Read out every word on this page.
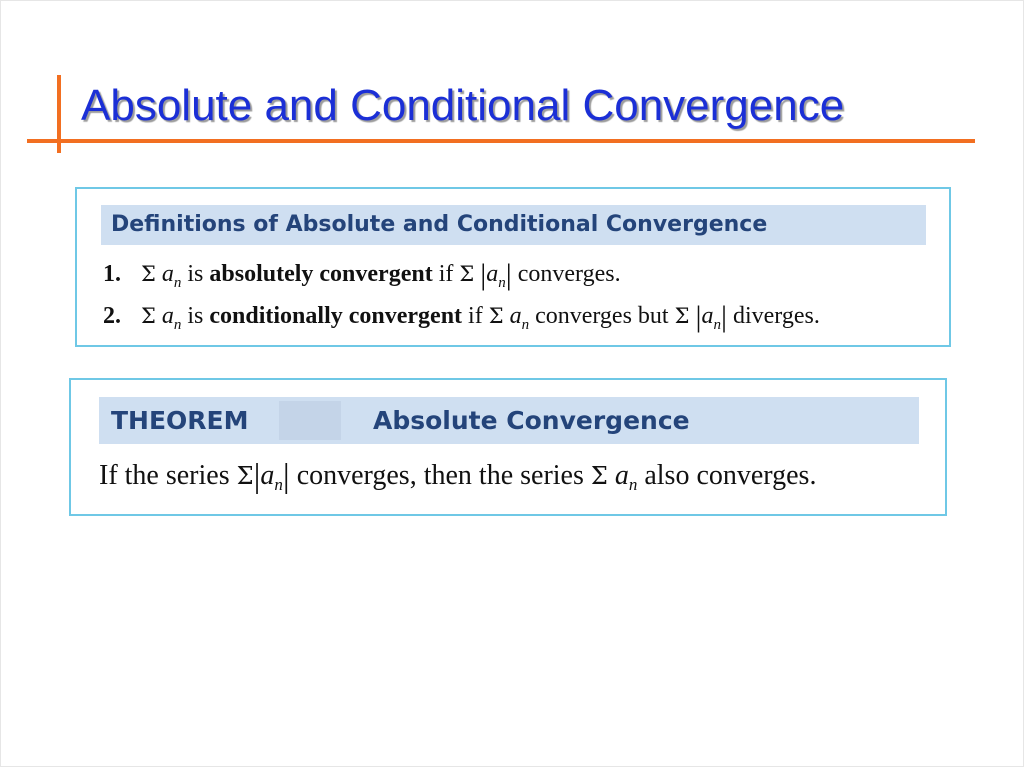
Absolute and Conditional Convergence
Definitions of Absolute and Conditional Convergence
1. Σ $a_n$ is absolutely convergent if Σ $|a_n|$ converges.
2. Σ $a_n$ is conditionally convergent if Σ $a_n$ converges but Σ $|a_n|$ diverges.
THEOREM	Absolute Convergence
If the series $\Sigma|a_n|$ converges, then the series Σ $a_n$ also converges.
